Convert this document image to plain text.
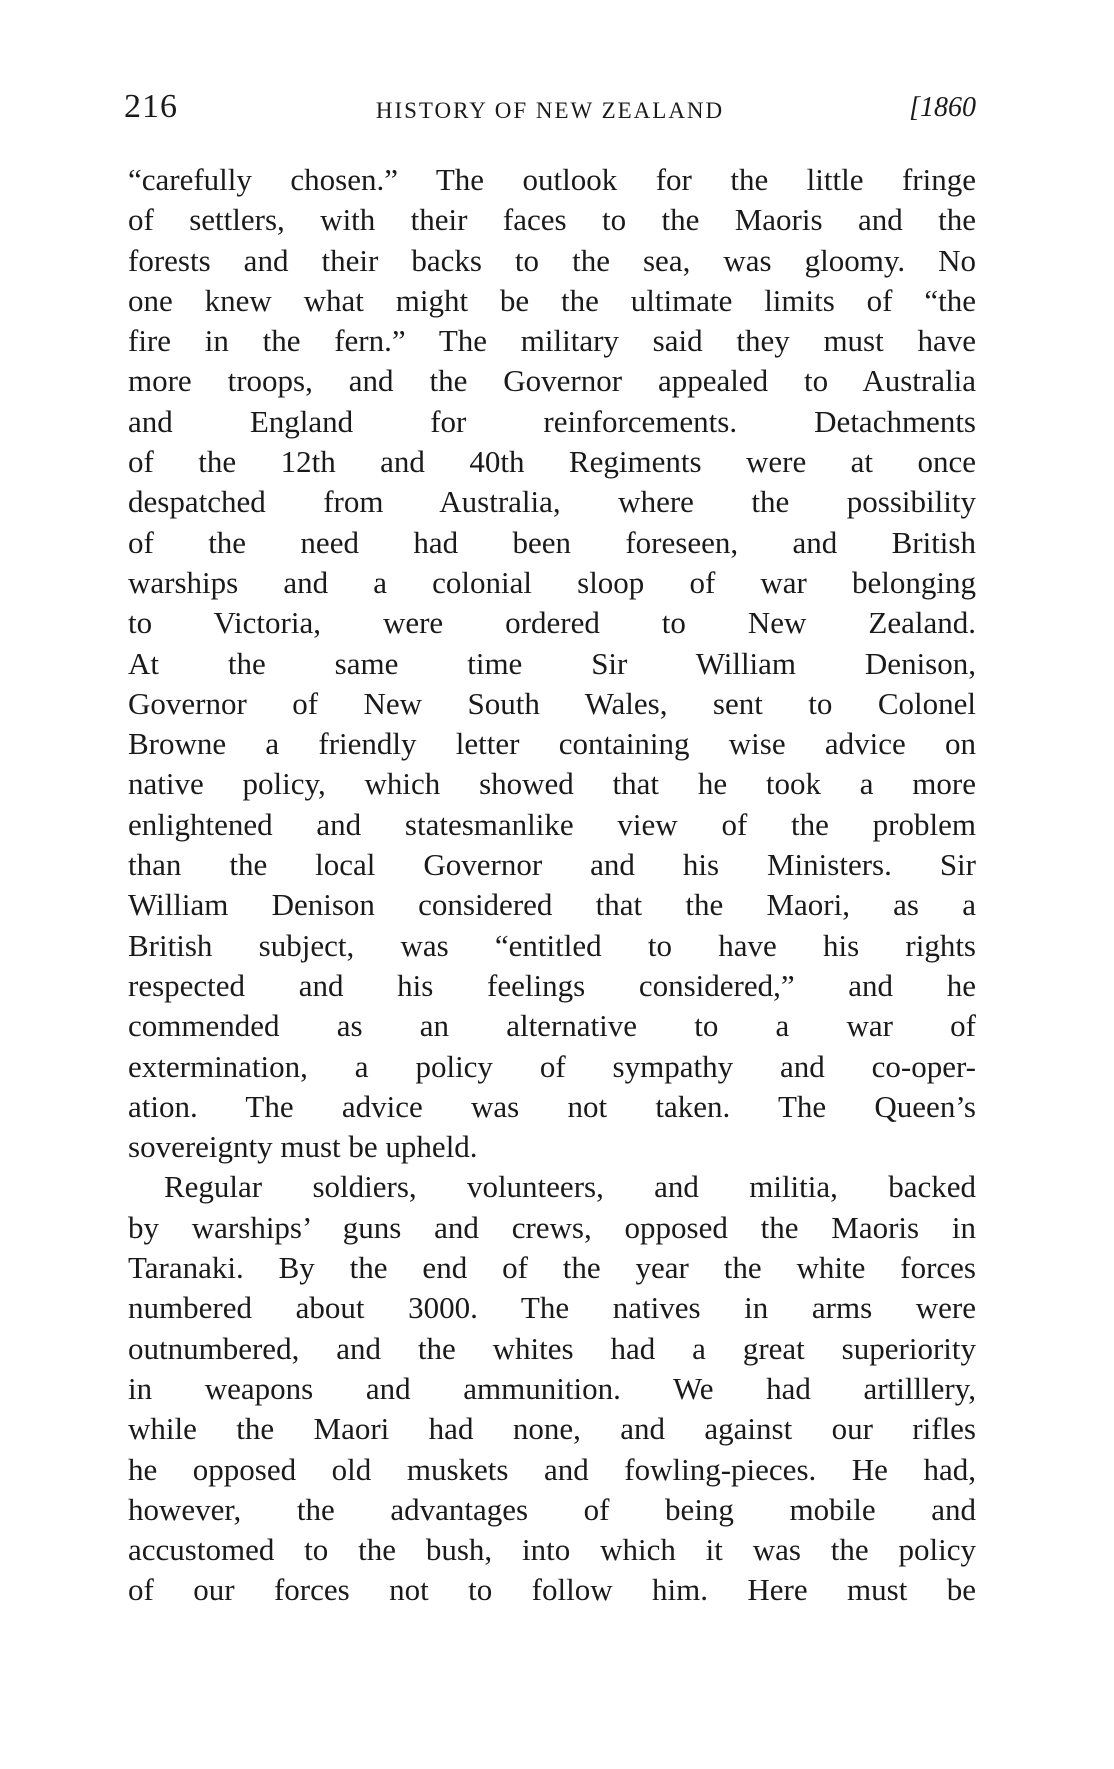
216	HISTORY OF NEW ZEALAND	[1860
“carefully chosen.” The outlook for the little fringe
of settlers, with their faces to the Maoris and the
forests and their backs to the sea, was gloomy. No
one knew what might be the ultimate limits of “the
fire in the fern.” The military said they must have
more troops, and the Governor appealed to Australia
and England for reinforcements. Detachments
of the 12th and 40th Regiments were at once
despatched from Australia, where the possibility
of the need had been foreseen, and British
warships and a colonial sloop of war belonging
to Victoria, were ordered to New Zealand.
At the same time Sir William Denison,
Governor of New South Wales, sent to Colonel
Browne a friendly letter containing wise advice on
native policy, which showed that he took a more
enlightened and statesmanlike view of the problem
than the local Governor and his Ministers. Sir
William Denison considered that the Maori, as a
British subject, was “entitled to have his rights
respected and his feelings considered,” and he
commended as an alternative to a war of
extermination, a policy of sympathy and co-oper-
ation. The advice was not taken. The Queen’s
sovereignty must be upheld.
Regular soldiers, volunteers, and militia, backed
by warships’ guns and crews, opposed the Maoris in
Taranaki. By the end of the year the white forces
numbered about 3000. The natives in arms were
outnumbered, and the whites had a great superiority
in weapons and ammunition. We had artilllery,
while the Maori had none, and against our rifles
he opposed old muskets and fowling-pieces. He had,
however, the advantages of being mobile and
accustomed to the bush, into which it was the policy
of our forces not to follow him. Here must be
